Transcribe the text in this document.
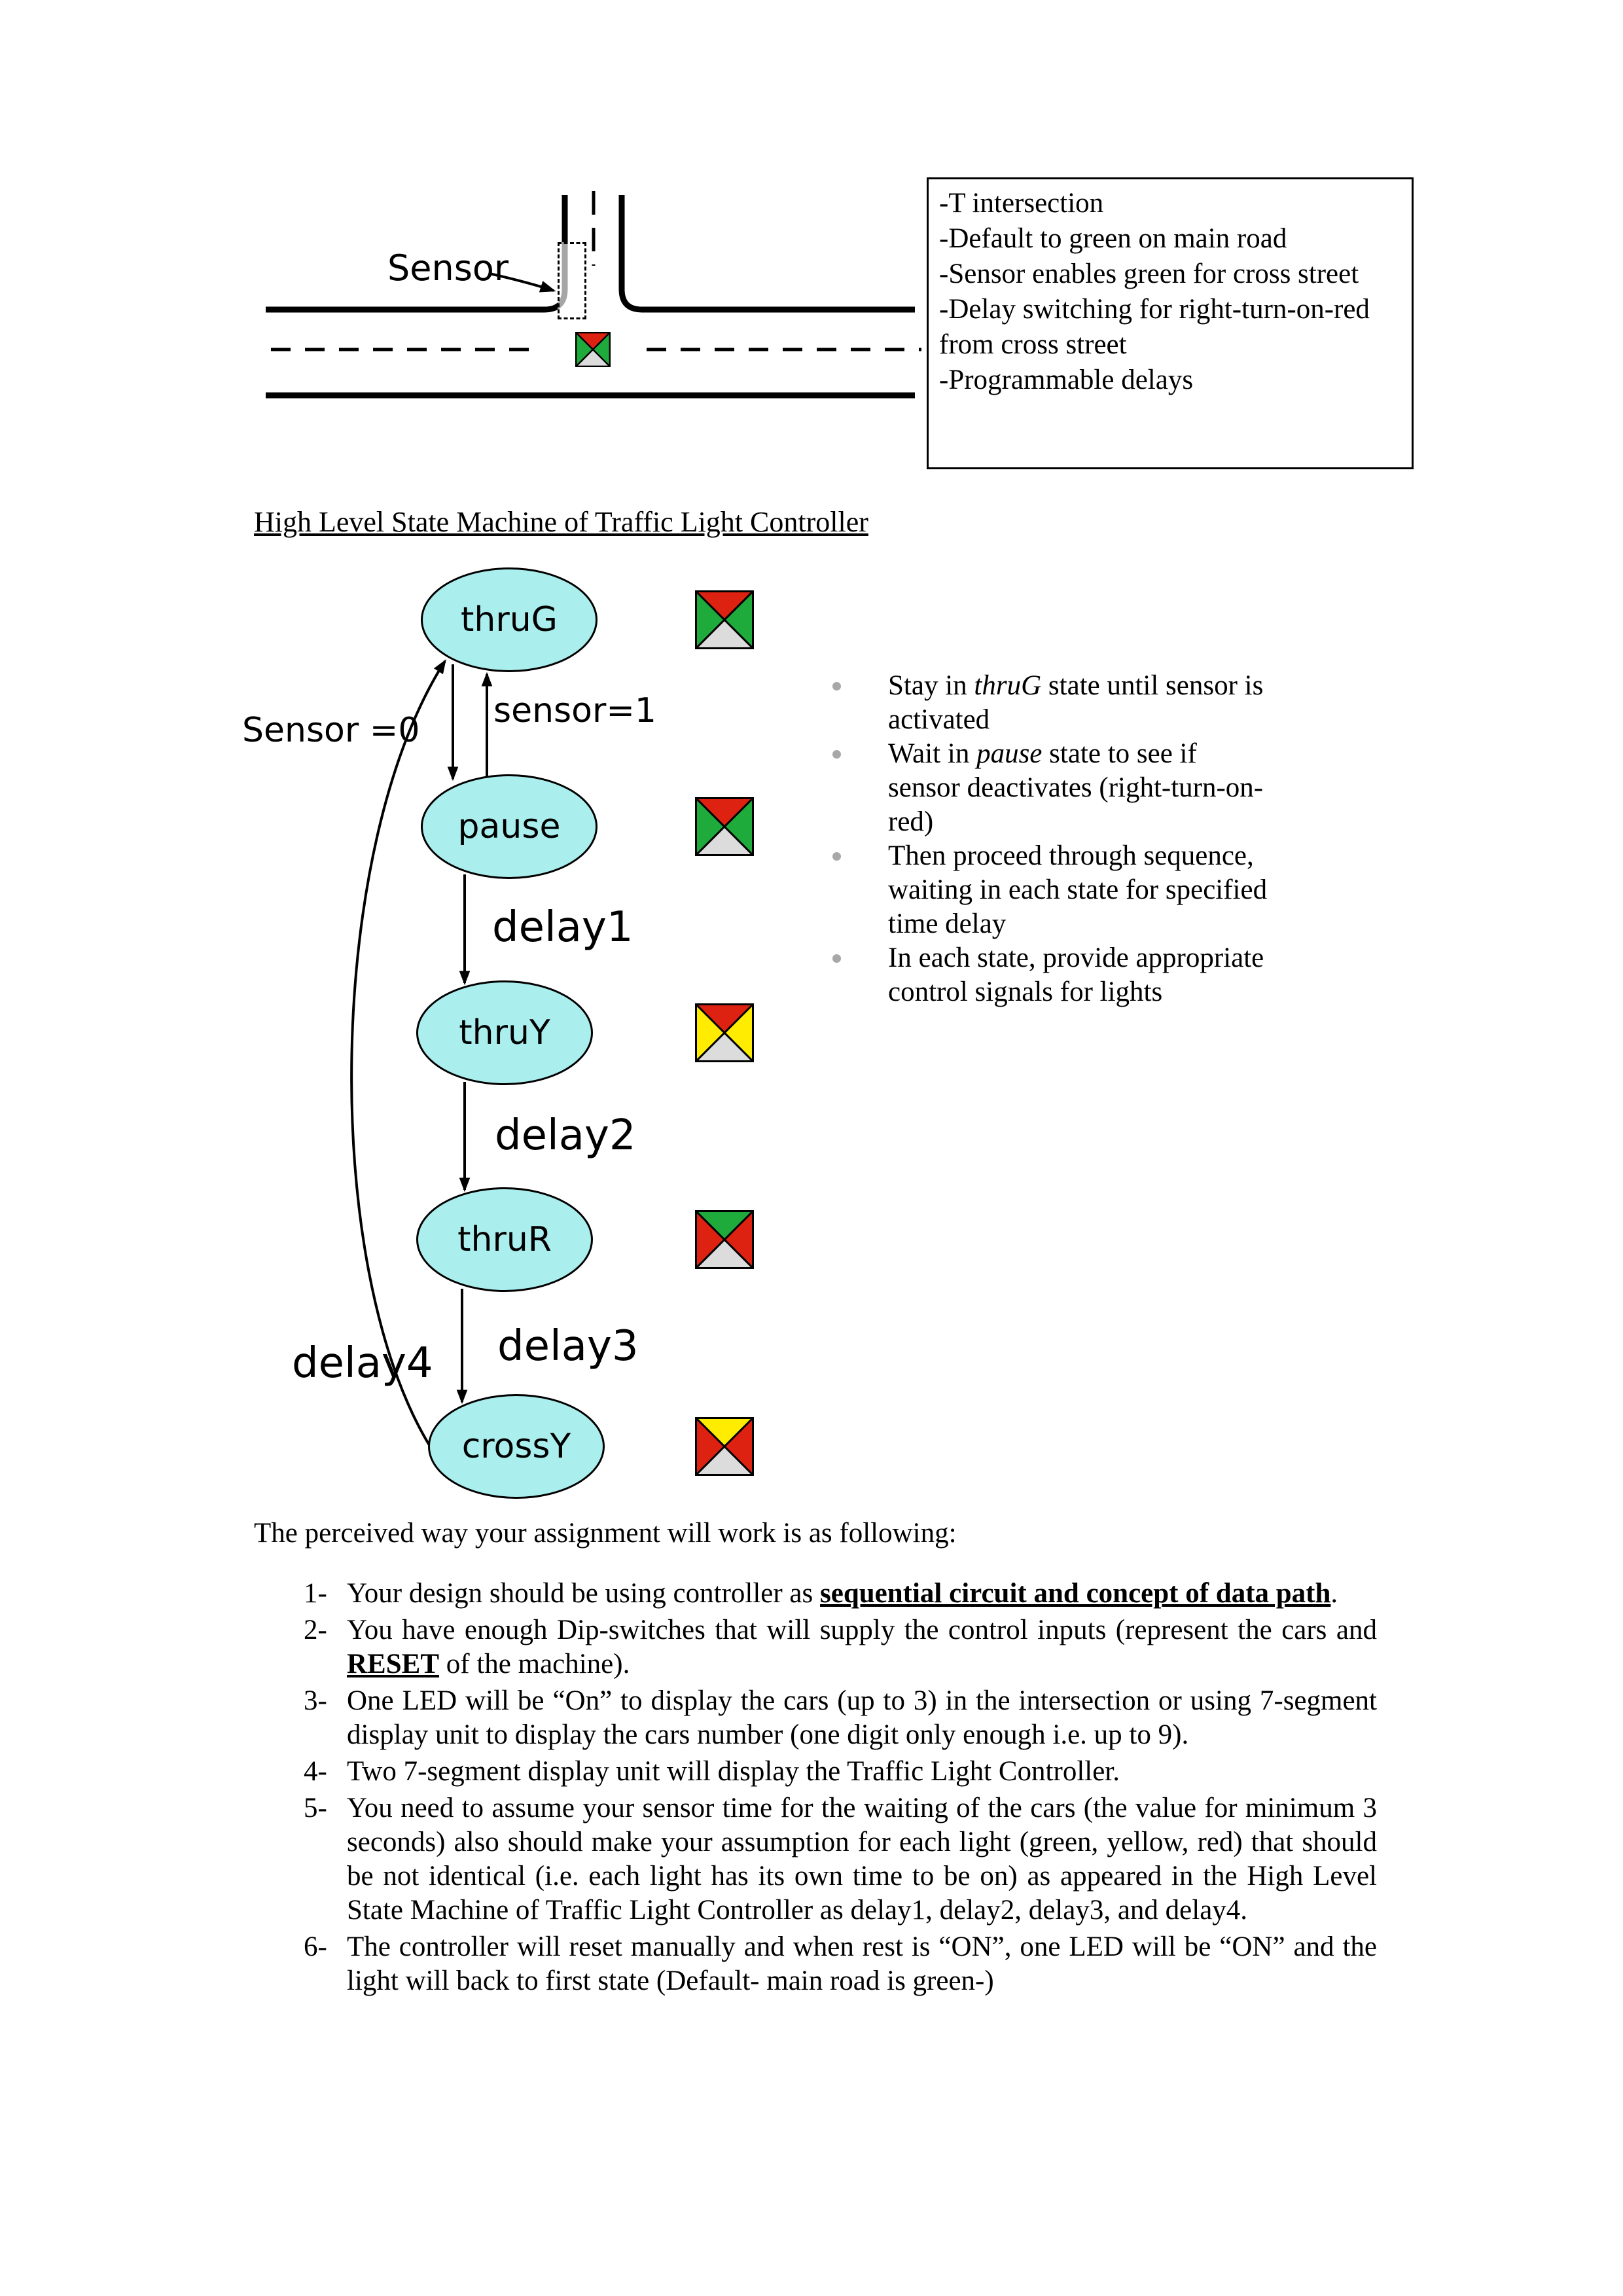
Sensor
-T intersection
-Default to green on main road
-Sensor enables green for cross street
-Delay switching for right-turn-on-red from cross street
-Programmable delays
High Level State Machine of Traffic Light Controller
thruG
pause
thruY
thruR
crossY
sensor=1
Sensor =0
delay1
delay2
delay3
delay4
Stay in thruG state until sensor is activated
Wait in pause state to see if sensor deactivates (right-turn-on-red)
Then proceed through sequence, waiting in each state for specified time delay
In each state, provide appropriate control signals for lights
The perceived way your assignment will work is as following:
1- Your design should be using controller as sequential circuit and concept of data path.
2- You have enough Dip-switches that will supply the control inputs (represent the cars and RESET of the machine).
3- One LED will be “On” to display the cars (up to 3) in the intersection or using 7-segment display unit to display the cars number (one digit only enough i.e. up to 9).
4- Two 7-segment display unit will display the Traffic Light Controller.
5- You need to assume your sensor time for the waiting of the cars (the value for minimum 3 seconds) also should make your assumption for each light (green, yellow, red) that should be not identical (i.e. each light has its own time to be on) as appeared in the High Level State Machine of Traffic Light Controller as delay1, delay2, delay3, and delay4.
6- The controller will reset manually and when rest is “ON”, one LED will be “ON” and the light will back to first state (Default- main road is green-)
